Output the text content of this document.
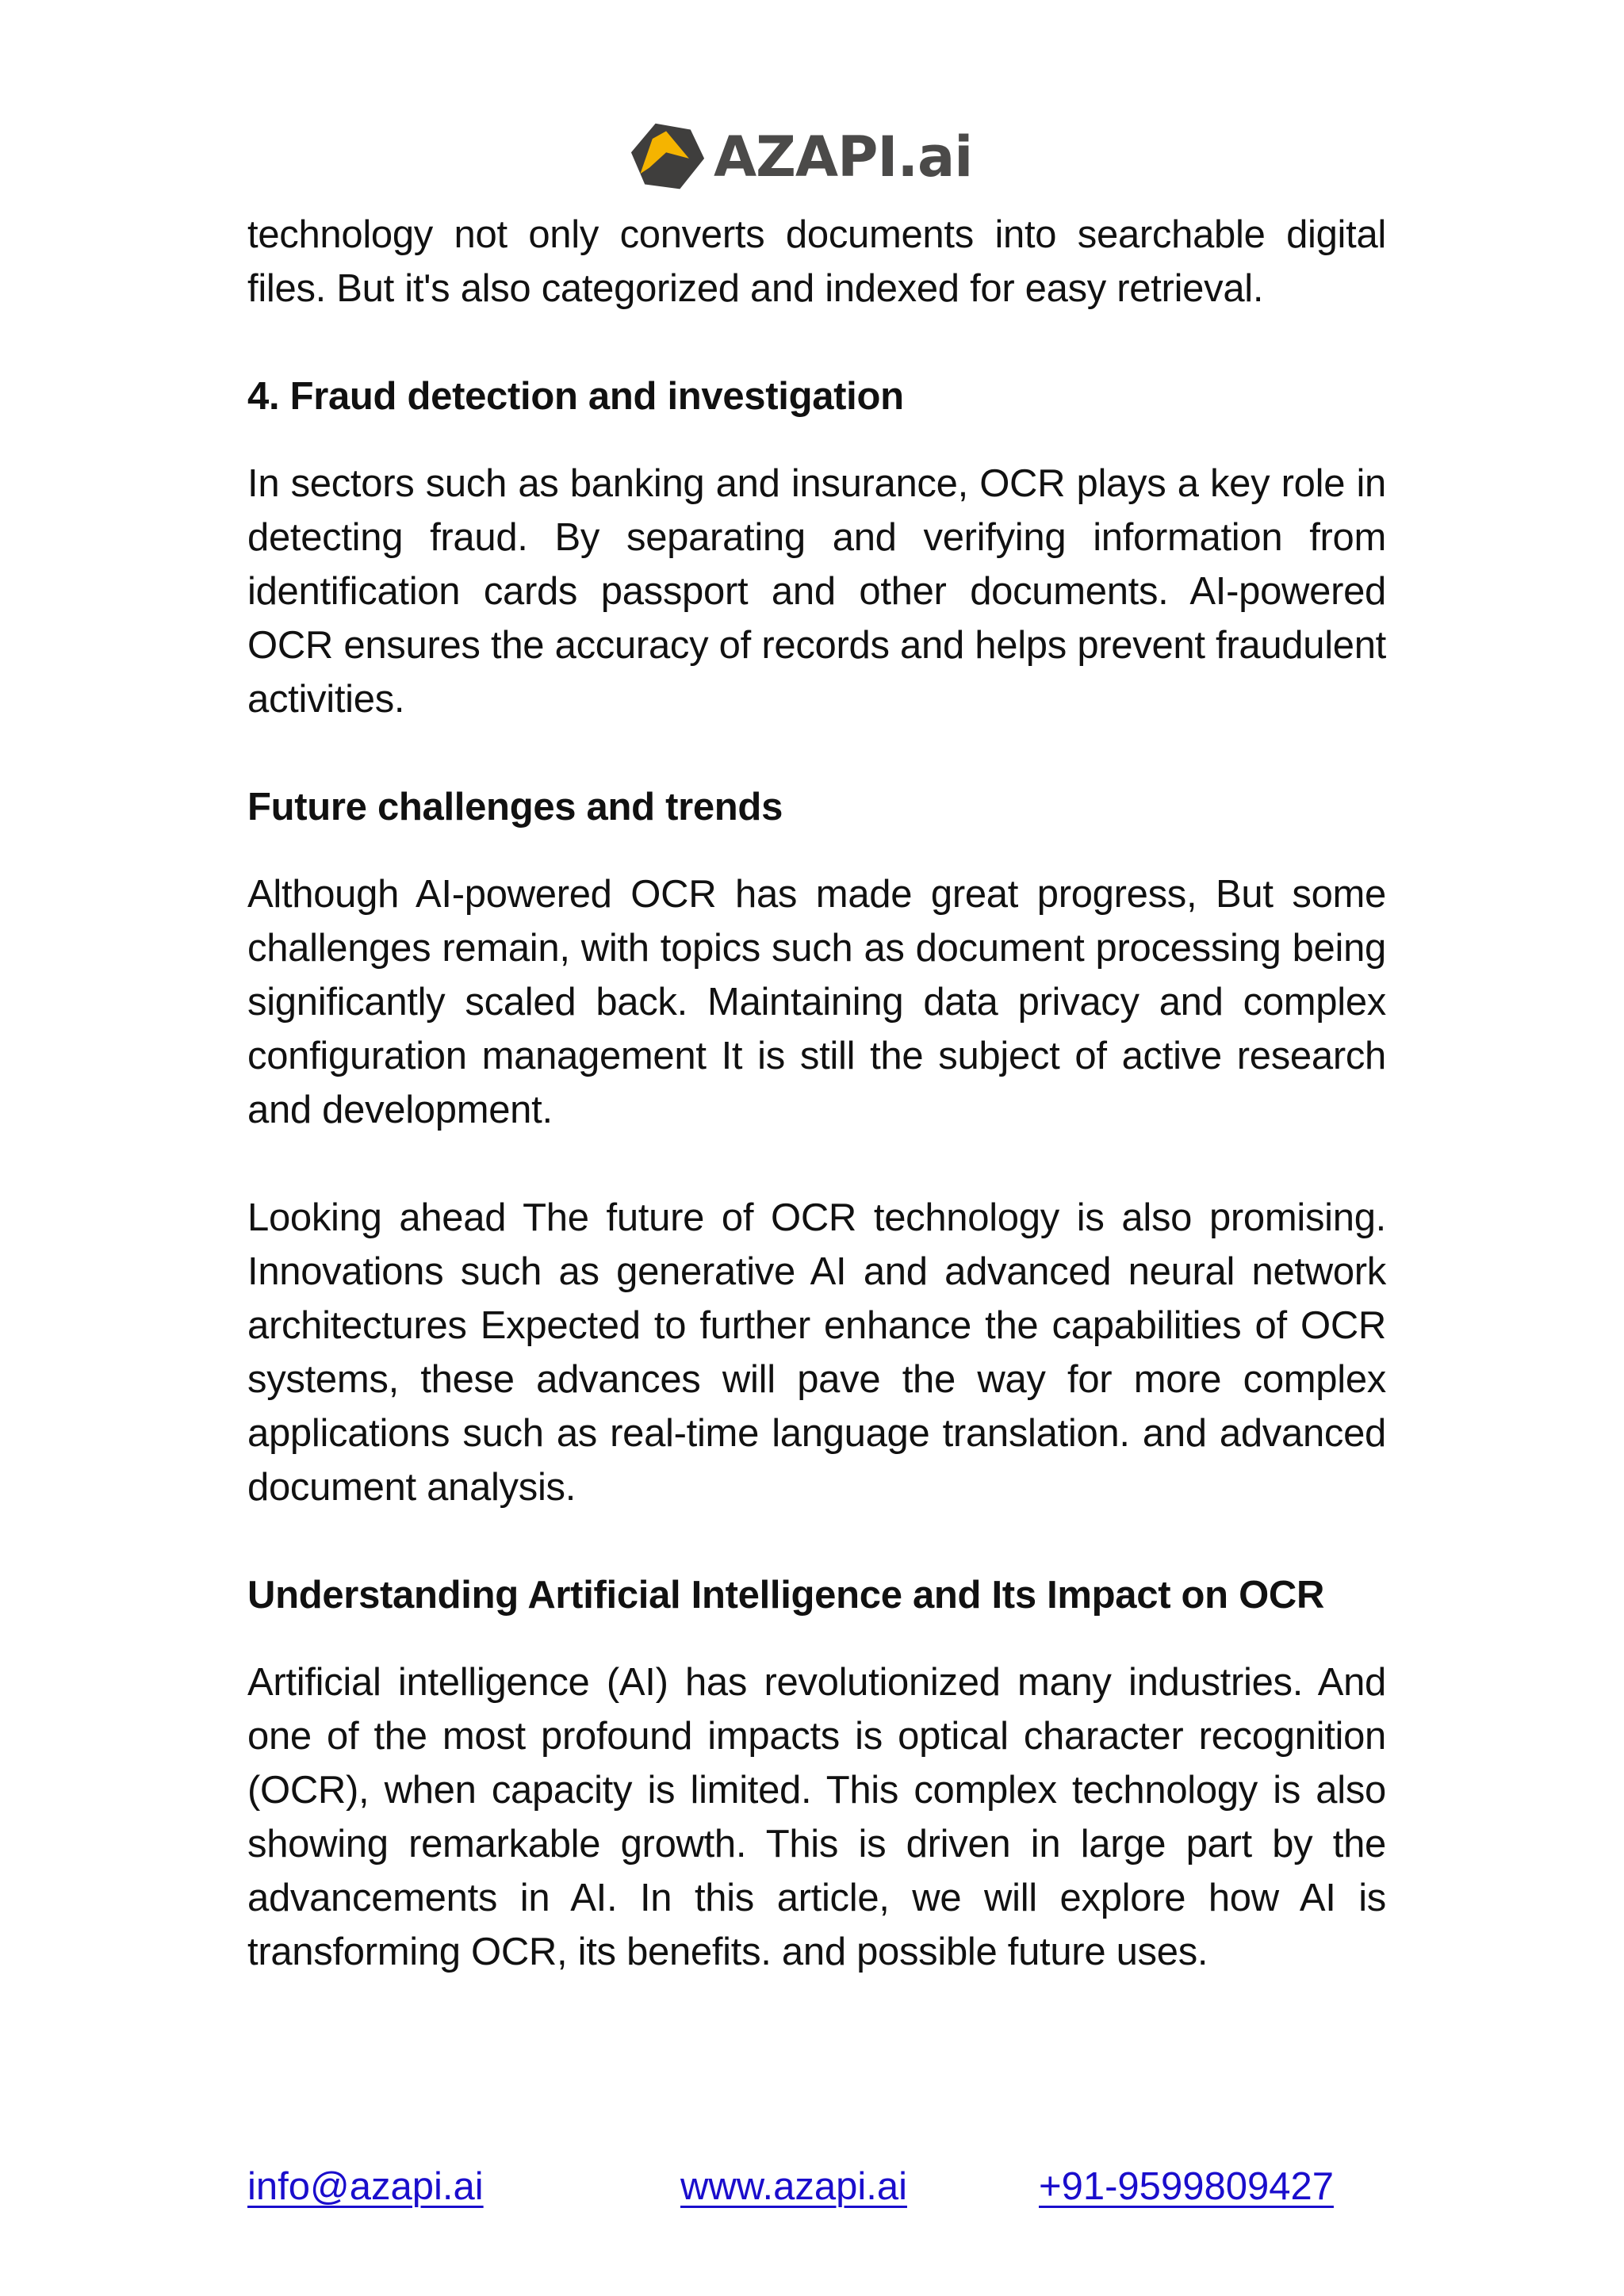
AZAPI.ai

technology not only converts documents into searchable digital files. But it's also categorized and indexed for easy retrieval.

4. Fraud detection and investigation

In sectors such as banking and insurance, OCR plays a key role in detecting fraud. By separating and verifying information from identification cards passport and other documents. AI-powered OCR ensures the accuracy of records and helps prevent fraudulent activities.

Future challenges and trends

Although AI-powered OCR has made great progress, But some challenges remain, with topics such as document processing being significantly scaled back. Maintaining data privacy and complex configuration management It is still the subject of active research and development.

Looking ahead The future of OCR technology is also promising. Innovations such as generative AI and advanced neural network architectures Expected to further enhance the capabilities of OCR systems, these advances will pave the way for more complex applications such as real-time language translation. and advanced document analysis.

Understanding Artificial Intelligence and Its Impact on OCR

Artificial intelligence (AI) has revolutionized many industries. And one of the most profound impacts is optical character recognition (OCR), when capacity is limited. This complex technology is also showing remarkable growth. This is driven in large part by the advancements in AI. In this article, we will explore how AI is transforming OCR, its benefits. and possible future uses.

info@azapi.ai	www.azapi.ai	+91-9599809427
